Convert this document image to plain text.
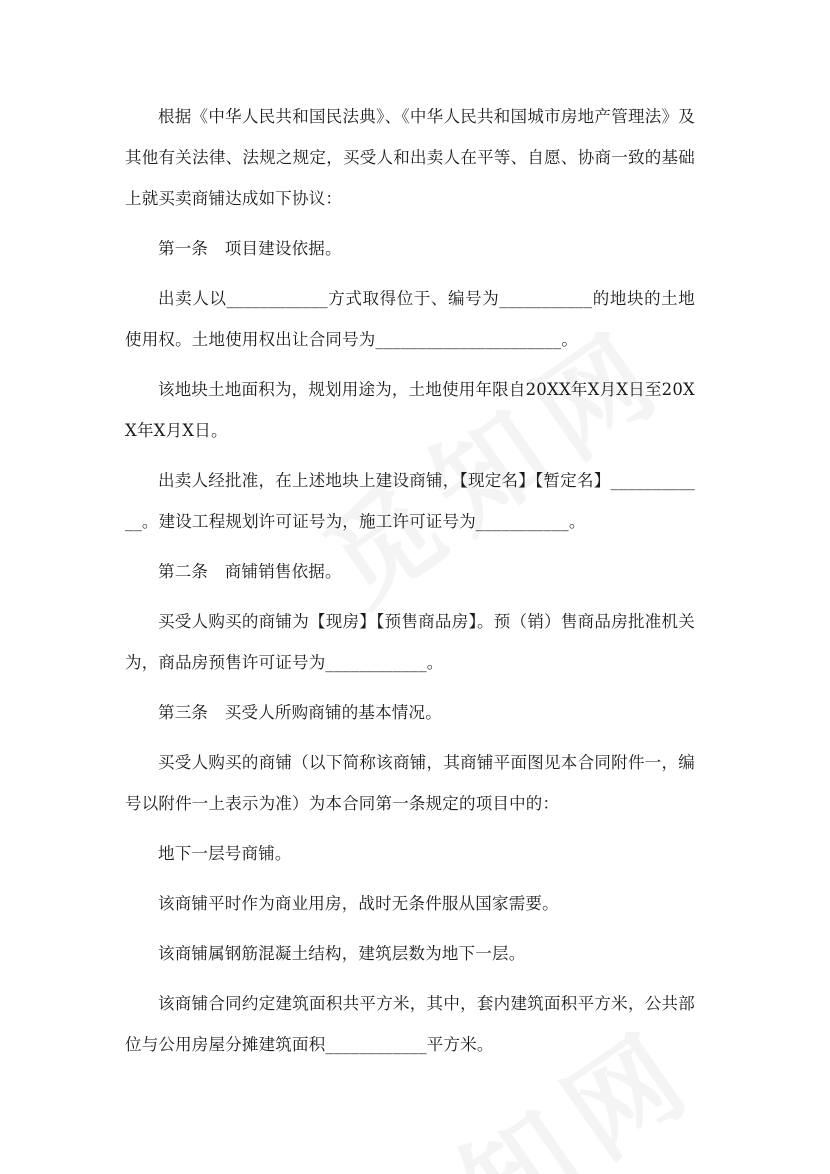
根据《中华人民共和国民法典》、《中华人民共和国城市房地产管理法》及其他有关法律、法规之规定，买受人和出卖人在平等、自愿、协商一致的基础上就买卖商铺达成如下协议：

第一条　项目建设依据。

出卖人以____________方式取得位于、编号为___________的地块的土地使用权。土地使用权出让合同号为______________________。

该地块土地面积为，规划用途为，土地使用年限自20XX年X月X日至20XX年X月X日。

出卖人经批准，在上述地块上建设商铺，【现定名】【暂定名】____________。建设工程规划许可证号为，施工许可证号为___________。

第二条　商铺销售依据。

买受人购买的商铺为【现房】【预售商品房】。预（销）售商品房批准机关为，商品房预售许可证号为____________。

第三条　买受人所购商铺的基本情况。

买受人购买的商铺（以下简称该商铺，其商铺平面图见本合同附件一，编号以附件一上表示为准）为本合同第一条规定的项目中的：

地下一层号商铺。

该商铺平时作为商业用房，战时无条件服从国家需要。

该商铺属钢筋混凝土结构，建筑层数为地下一层。

该商铺合同约定建筑面积共平方米，其中，套内建筑面积平方米，公共部位与公用房屋分摊建筑面积____________平方米。
